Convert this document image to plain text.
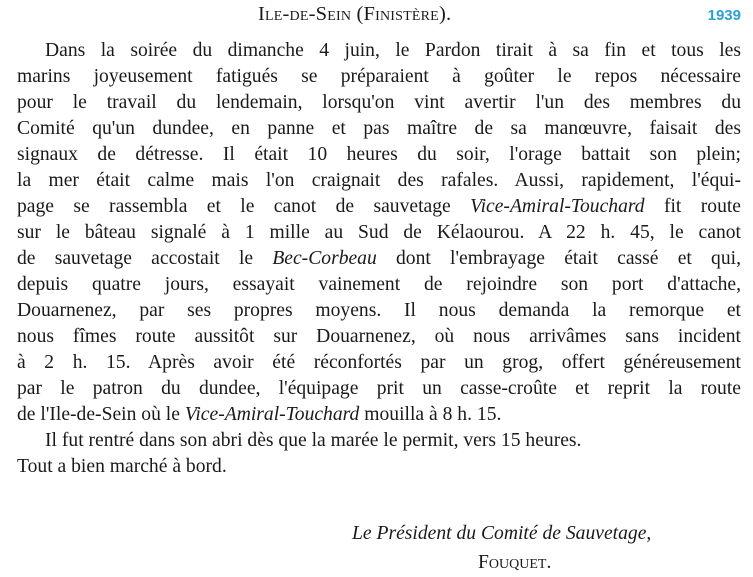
Ile-de-Sein (Finistère).	1939
Dans la soirée du dimanche 4 juin, le Pardon tirait à sa fin et tous les
marins joyeusement fatigués se préparaient à goûter le repos nécessaire
pour le travail du lendemain, lorsqu'on vint avertir l'un des membres du
Comité qu'un dundee, en panne et pas maître de sa manœuvre, faisait des
signaux de détresse. Il était 10 heures du soir, l'orage battait son plein;
la mer était calme mais l'on craignait des rafales. Aussi, rapidement, l'équi-
page se rassembla et le canot de sauvetage Vice-Amiral-Touchard fit route
sur le bâteau signalé à 1 mille au Sud de Kélaourou. A 22 h. 45, le canot
de sauvetage accostait le Bec-Corbeau dont l'embrayage était cassé et qui,
depuis quatre jours, essayait vainement de rejoindre son port d'attache,
Douarnenez, par ses propres moyens. Il nous demanda la remorque et
nous fîmes route aussitôt sur Douarnenez, où nous arrivâmes sans incident
à 2 h. 15. Après avoir été réconfortés par un grog, offert généreusement
par le patron du dundee, l'équipage prit un casse-croûte et reprit la route
de l'Ile-de-Sein où le Vice-Amiral-Touchard mouilla à 8 h. 15.
Il fut rentré dans son abri dès que la marée le permit, vers 15 heures.
Tout a bien marché à bord.
Le Président du Comité de Sauvetage,
Fouquet.
